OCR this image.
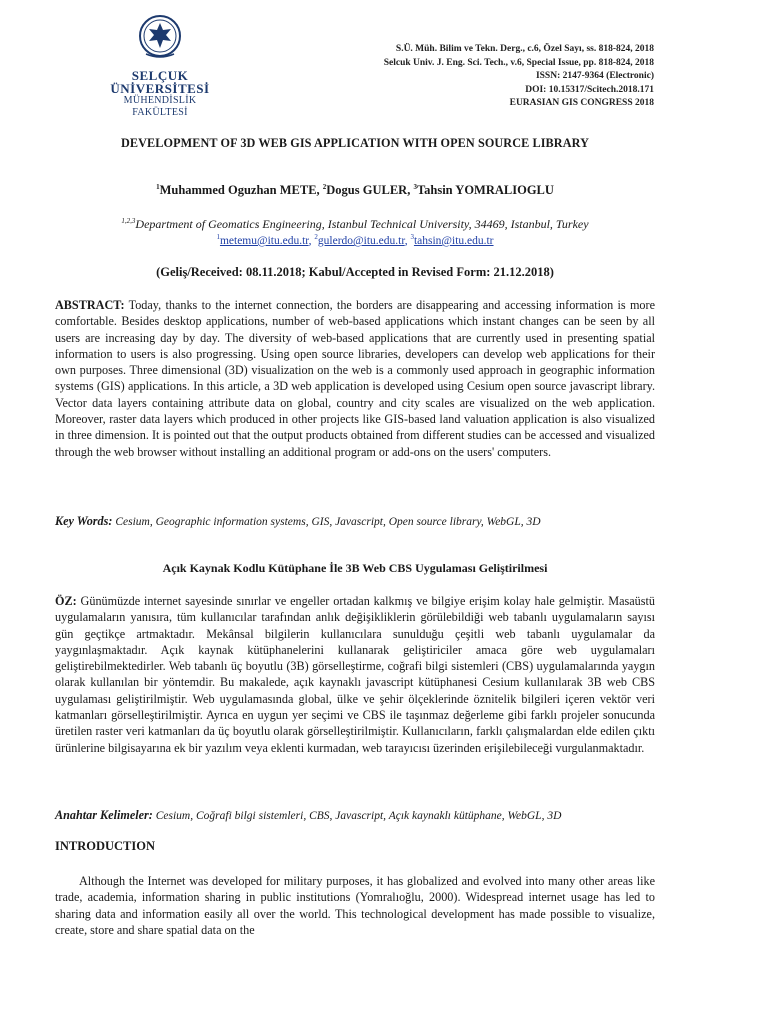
SELÇUK
ÜNİVERSİTESİ
MÜHENDİSLİK FAKÜLTESİ
S.Ü. Müh. Bilim ve Tekn. Derg., c.6, Özel Sayı, ss. 818-824, 2018
Selcuk Univ. J. Eng. Sci. Tech., v.6, Special Issue, pp. 818-824, 2018
ISSN: 2147-9364 (Electronic)
DOI: 10.15317/Scitech.2018.171
EURASIAN GIS CONGRESS 2018
DEVELOPMENT OF 3D WEB GIS APPLICATION WITH OPEN SOURCE LIBRARY
$^1$Muhammed Oguzhan METE, $^2$Dogus GULER, $^3$Tahsin YOMRALIOGLU
$^{1,2,3}$Department of Geomatics Engineering, Istanbul Technical University, 34469, Istanbul, Turkey
$^1$metemu@itu.edu.tr, $^2$gulerdo@itu.edu.tr, $^3$tahsin@itu.edu.tr
(Geliş/Received: 08.11.2018; Kabul/Accepted in Revised Form: 21.12.2018)
ABSTRACT: Today, thanks to the internet connection, the borders are disappearing and accessing information is more comfortable. Besides desktop applications, number of web-based applications which instant changes can be seen by all users are increasing day by day. The diversity of web-based applications that are currently used in presenting spatial information to users is also progressing. Using open source libraries, developers can develop web applications for their own purposes. Three dimensional (3D) visualization on the web is a commonly used approach in geographic information systems (GIS) applications. In this article, a 3D web application is developed using Cesium open source javascript library. Vector data layers containing attribute data on global, country and city scales are visualized on the web application. Moreover, raster data layers which produced in other projects like GIS-based land valuation application is also visualized in three dimension. It is pointed out that the output products obtained from different studies can be accessed and visualized through the web browser without installing an additional program or add-ons on the users' computers.
Key Words: Cesium, Geographic information systems, GIS, Javascript, Open source library, WebGL, 3D
Açık Kaynak Kodlu Kütüphane İle 3B Web CBS Uygulaması Geliştirilmesi
ÖZ: Günümüzde internet sayesinde sınırlar ve engeller ortadan kalkmış ve bilgiye erişim kolay hale gelmiştir. Masaüstü uygulamaların yanısıra, tüm kullanıcılar tarafından anlık değişikliklerin görülebildiği web tabanlı uygulamaların sayısı gün geçtikçe artmaktadır. Mekânsal bilgilerin kullanıcılara sunulduğu çeşitli web tabanlı uygulamalar da yaygınlaşmaktadır. Açık kaynak kütüphanelerini kullanarak geliştiriciler amaca göre web uygulamaları geliştirebilmektedirler. Web tabanlı üç boyutlu (3B) görselleştirme, coğrafi bilgi sistemleri (CBS) uygulamalarında yaygın olarak kullanılan bir yöntemdir. Bu makalede, açık kaynaklı javascript kütüphanesi Cesium kullanılarak 3B web CBS uygulaması geliştirilmiştir. Web uygulamasında global, ülke ve şehir ölçeklerinde öznitelik bilgileri içeren vektör veri katmanları görselleştirilmiştir. Ayrıca en uygun yer seçimi ve CBS ile taşınmaz değerleme gibi farklı projeler sonucunda üretilen raster veri katmanları da üç boyutlu olarak görselleştirilmiştir. Kullanıcıların, farklı çalışmalardan elde edilen çıktı ürünlerine bilgisayarına ek bir yazılım veya eklenti kurmadan, web tarayıcısı üzerinden erişilebileceği vurgulanmaktadır.
Anahtar Kelimeler: Cesium, Coğrafi bilgi sistemleri, CBS, Javascript, Açık kaynaklı kütüphane, WebGL, 3D
INTRODUCTION
Although the Internet was developed for military purposes, it has globalized and evolved into many other areas like trade, academia, information sharing in public institutions (Yomralıoğlu, 2000). Widespread internet usage has led to sharing data and information easily all over the world. This technological development has made possible to visualize, create, store and share spatial data on the
